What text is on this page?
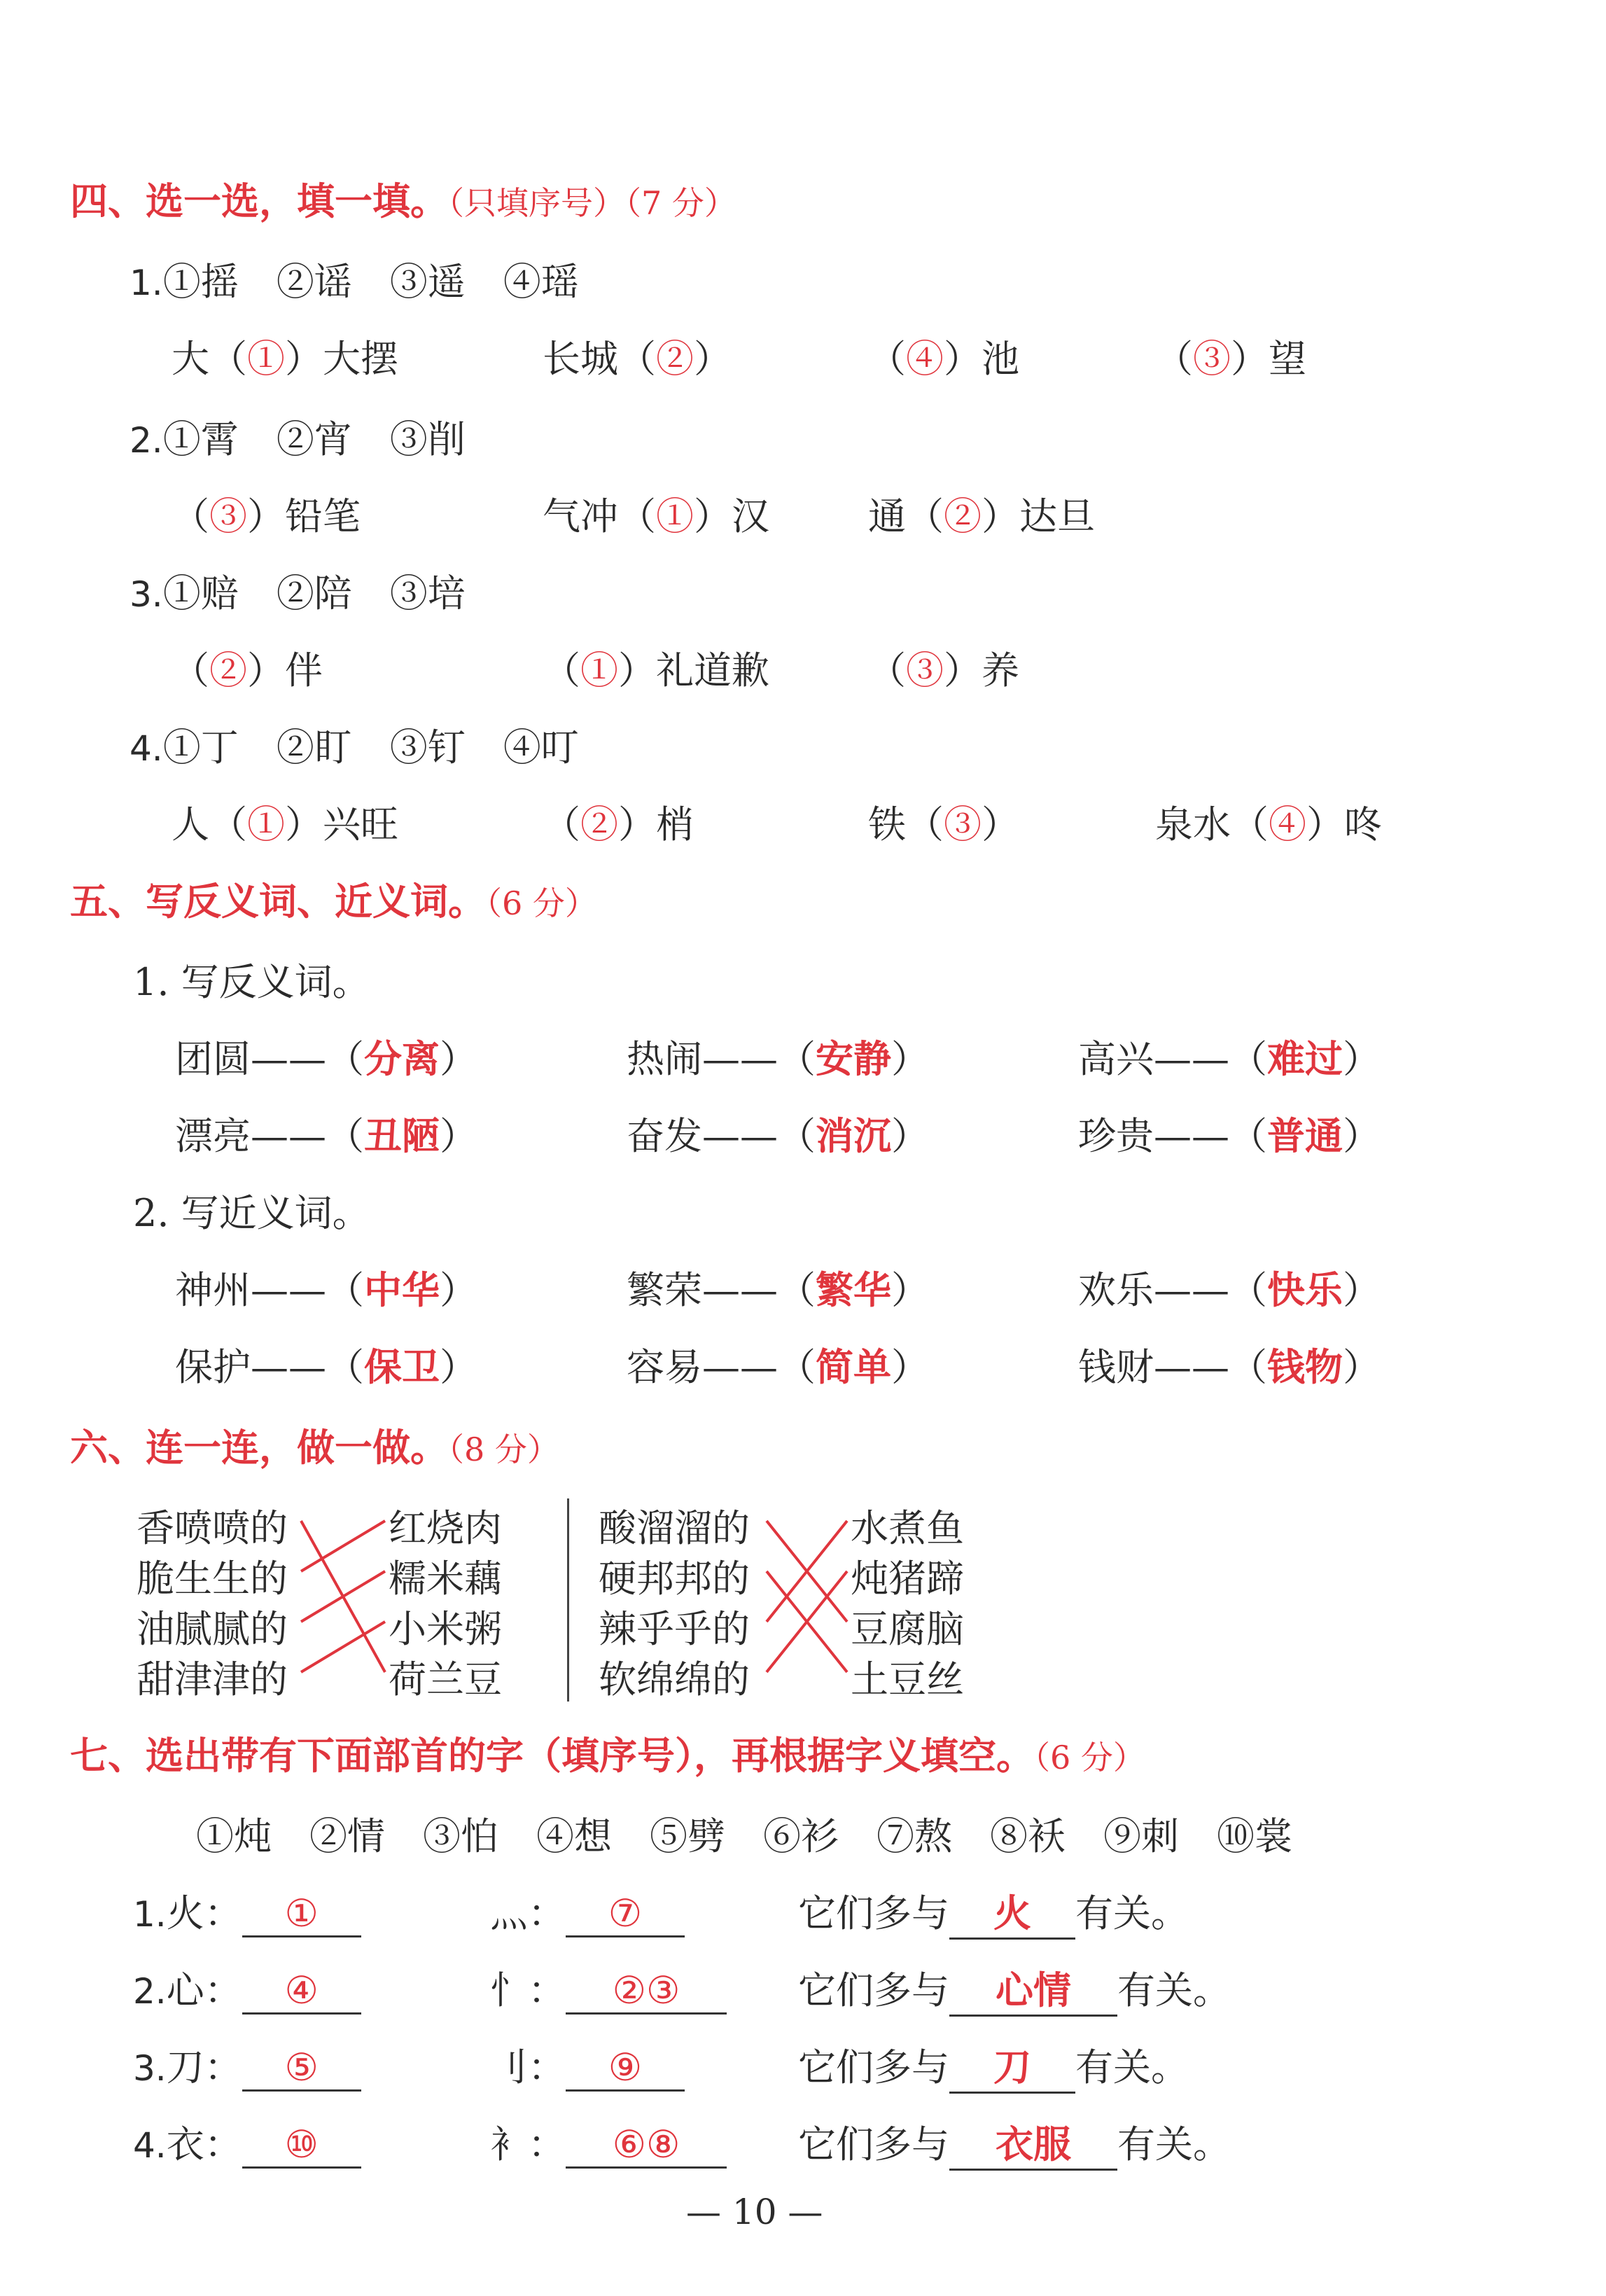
四、选一选，填一填。（只填序号）（7 分）
1.①摇　②谣　③遥　④瑶
大（①）大摆	长城（②）	（④）池	（③）望
2.①霄　②宵　③削
（③）铅笔	气冲（①）汉	通（②）达旦
3.①赔　②陪　③培
（②）伴	（①）礼道歉	（③）养
4.①丁　②盯　③钉　④叮
人（①）兴旺	（②）梢	铁（③）	泉水（④）咚
五、写反义词、近义词。（6 分）
1. 写反义词。
团圆——（分离）	热闹——（安静）	高兴——（难过）
漂亮——（丑陋）	奋发——（消沉）	珍贵——（普通）
2. 写近义词。
神州——（中华）	繁荣——（繁华）	欢乐——（快乐）
保护——（保卫）	容易——（简单）	钱财——（钱物）
六、连一连，做一做。（8 分）
香喷喷的
脆生生的
油腻腻的
甜津津的
红烧肉
糯米藕
小米粥
荷兰豆
酸溜溜的
硬邦邦的
辣乎乎的
软绵绵的
水煮鱼
炖猪蹄
豆腐脑
土豆丝
七、选出带有下面部首的字（填序号），再根据字义填空。（6 分）
①炖　②情　③怕　④想　⑤劈　⑥衫　⑦熬　⑧袄　⑨刺　⑩裳
1.火： ①	灬： ⑦	它们多与 火 有关。
2.心： ④	忄： ②③	它们多与 心情 有关。
3.刀： ⑤	刂： ⑨	它们多与 刀 有关。
4.衣： ⑩	衤： ⑥⑧	它们多与 衣服 有关。
— 10 —
